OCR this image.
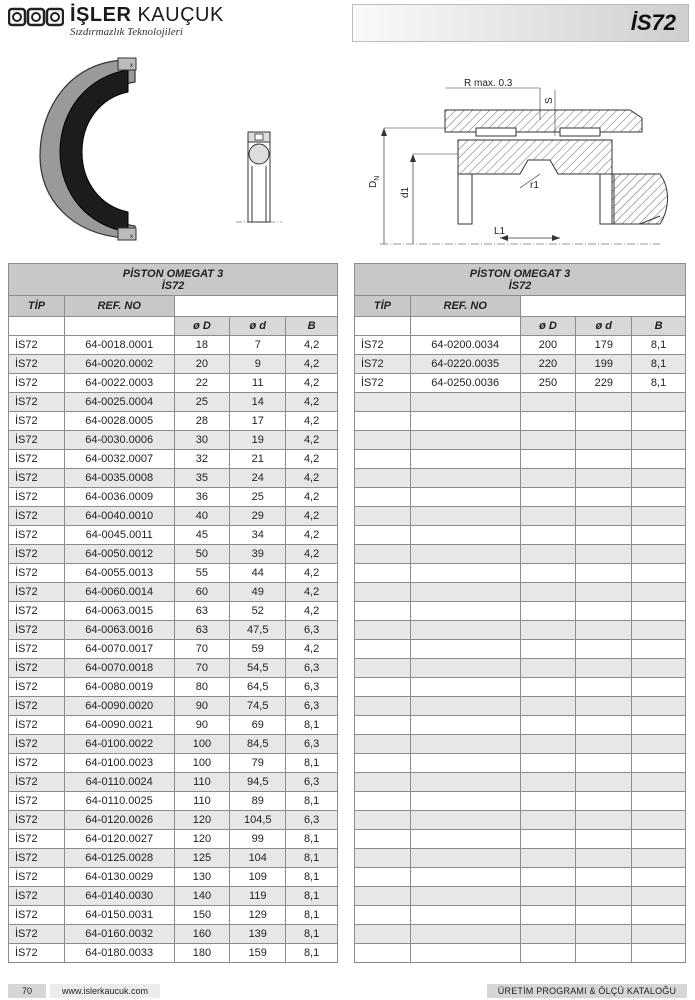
İŞLER KAUÇUK
Sızdırmazlık Teknolojileri	İS72
x
x
R max. 0.3
S
$D_N$
d1
r1
L1
PİSTON OMEGAT 3
İS72				
TİP	REF. NO			
		ø D	ø d	B
İS72	64-0018.0001	18	7	4,2
İS72	64-0020.0002	20	9	4,2
İS72	64-0022.0003	22	11	4,2
İS72	64-0025.0004	25	14	4,2
İS72	64-0028.0005	28	17	4,2
İS72	64-0030.0006	30	19	4,2
İS72	64-0032.0007	32	21	4,2
İS72	64-0035.0008	35	24	4,2
İS72	64-0036.0009	36	25	4,2
İS72	64-0040.0010	40	29	4,2
İS72	64-0045.0011	45	34	4,2
İS72	64-0050.0012	50	39	4,2
İS72	64-0055.0013	55	44	4,2
İS72	64-0060.0014	60	49	4,2
İS72	64-0063.0015	63	52	4,2
İS72	64-0063.0016	63	47,5	6,3
İS72	64-0070.0017	70	59	4,2
İS72	64-0070.0018	70	54,5	6,3
İS72	64-0080.0019	80	64,5	6,3
İS72	64-0090.0020	90	74,5	6,3
İS72	64-0090.0021	90	69	8,1
İS72	64-0100.0022	100	84,5	6,3
İS72	64-0100.0023	100	79	8,1
İS72	64-0110.0024	110	94,5	6,3
İS72	64-0110.0025	110	89	8,1
İS72	64-0120.0026	120	104,5	6,3
İS72	64-0120.0027	120	99	8,1
İS72	64-0125.0028	125	104	8,1
İS72	64-0130.0029	130	109	8,1
İS72	64-0140.0030	140	119	8,1
İS72	64-0150.0031	150	129	8,1
İS72	64-0160.0032	160	139	8,1
İS72	64-0180.0033	180	159	8,1
PİSTON OMEGAT 3
İS72				
TİP	REF. NO			
		ø D	ø d	B
İS72	64-0200.0034	200	179	8,1
İS72	64-0220.0035	220	199	8,1
İS72	64-0250.0036	250	229	8,1

70	www.islerkaucuk.com	ÜRETİM PROGRAMI & ÖLÇÜ KATALOĞU
